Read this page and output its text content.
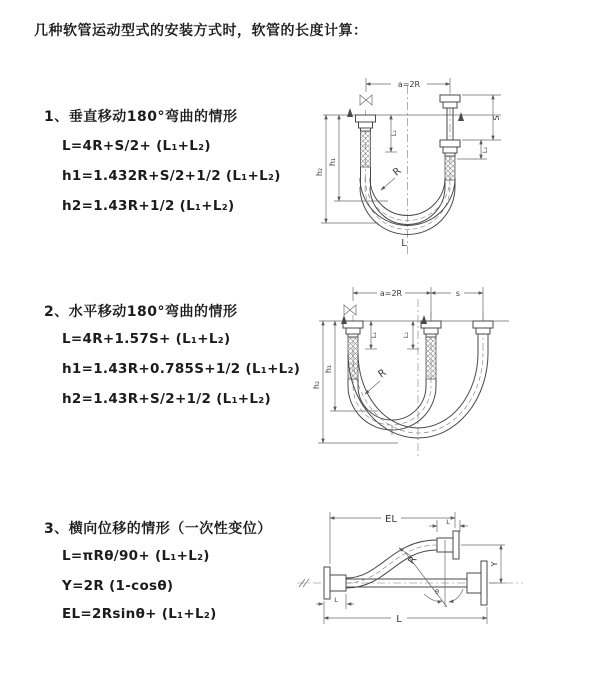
几种软管运动型式的安装方式时，软管的长度计算：
1、垂直移动180°弯曲的情形
L=4R+S/2+ (L₁+L₂)
h1=1.432R+S/2+1/2 (L₁+L₂)
h2=1.43R+1/2 (L₁+L₂)
2、水平移动180°弯曲的情形
L=4R+1.57S+ (L₁+L₂)
h1=1.43R+0.785S+1/2 (L₁+L₂)
h2=1.43R+S/2+1/2 (L₁+L₂)
3、横向位移的情形（一次性变位）
L=πRθ/90+ (L₁+L₂)
Y=2R (1-cosθ)
EL=2Rsinθ+ (L₁+L₂)
a=2R
h₂
h₁
L₁
S
L₂
R
L
a=2R	s
h₂
h₁
L₁	L₂
R
EL	L
L
L
Y
R
θ
